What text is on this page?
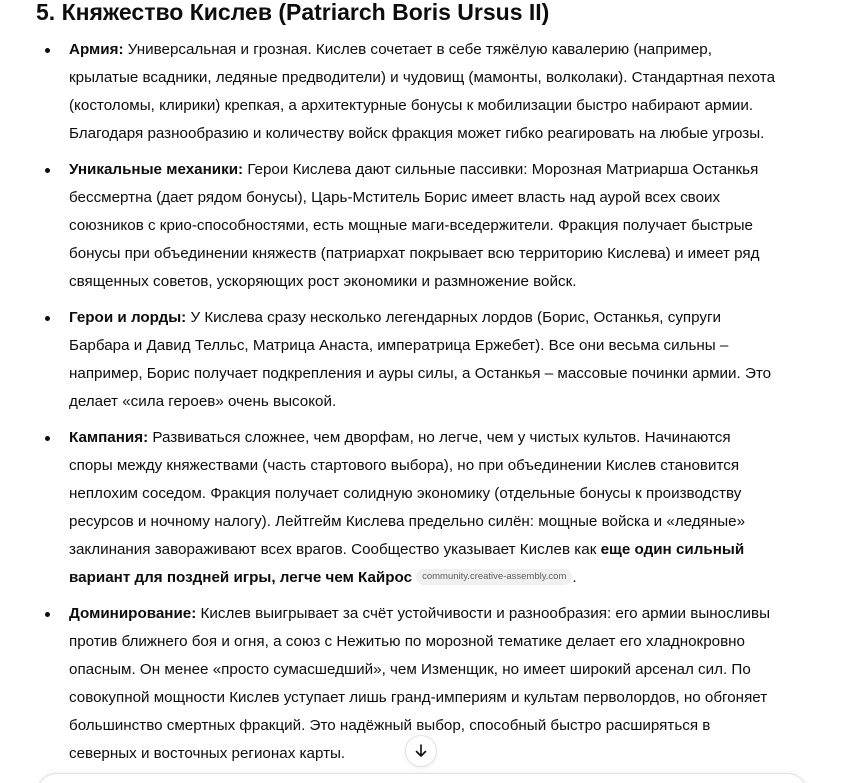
5. Княжество Кислев (Patriarch Boris Ursus II)
Армия: Универсальная и грозная. Кислев сочетает в себе тяжёлую кавалерию (например, крылатые всадники, ледяные предводители) и чудовищ (мамонты, волколаки). Стандартная пехота (костоломы, клирики) крепкая, а архитектурные бонусы к мобилизации быстро набирают армии. Благодаря разнообразию и количеству войск фракция может гибко реагировать на любые угрозы.
Уникальные механики: Герои Кислева дают сильные пассивки: Морозная Матриарша Останкья бессмертна (дает рядом бонусы), Царь-Мститель Борис имеет власть над аурой всех своих союзников с крио-способностями, есть мощные маги-вседержители. Фракция получает быстрые бонусы при объединении княжеств (патриархат покрывает всю территорию Кислева) и имеет ряд священных советов, ускоряющих рост экономики и размножение войск.
Герои и лорды: У Кислева сразу несколько легендарных лордов (Борис, Останкья, супруги Барбара и Давид Телльс, Матрица Анаста, императрица Ержебет). Все они весьма сильны – например, Борис получает подкрепления и ауры силы, а Останкья – массовые починки армии. Это делает «сила героев» очень высокой.
Кампания: Развиваться сложнее, чем дворфам, но легче, чем у чистых культов. Начинаются споры между княжествами (часть стартового выбора), но при объединении Кислев становится неплохим соседом. Фракция получает солидную экономику (отдельные бонусы к производству ресурсов и ночному налогу). Лейтгейм Кислева предельно силён: мощные войска и «ледяные» заклинания завораживают всех врагов. Сообщество указывает Кислев как еще один сильный вариант для поздней игры, легче чем Кайрос community.creative-assembly.com .
Доминирование: Кислев выигрывает за счёт устойчивости и разнообразия: его армии выносливы против ближнего боя и огня, а союз с Нежитью по морозной тематике делает его хладнокровно опасным. Он менее «просто сумасшедший», чем Изменщик, но имеет широкий арсенал сил. По совокупной мощности Кислев уступает лишь гранд-империям и культам перволордов, но обгоняет большинство смертных фракций. Это надёжный выбор, способный быстро расширяться в северных и восточных регионах карты.
